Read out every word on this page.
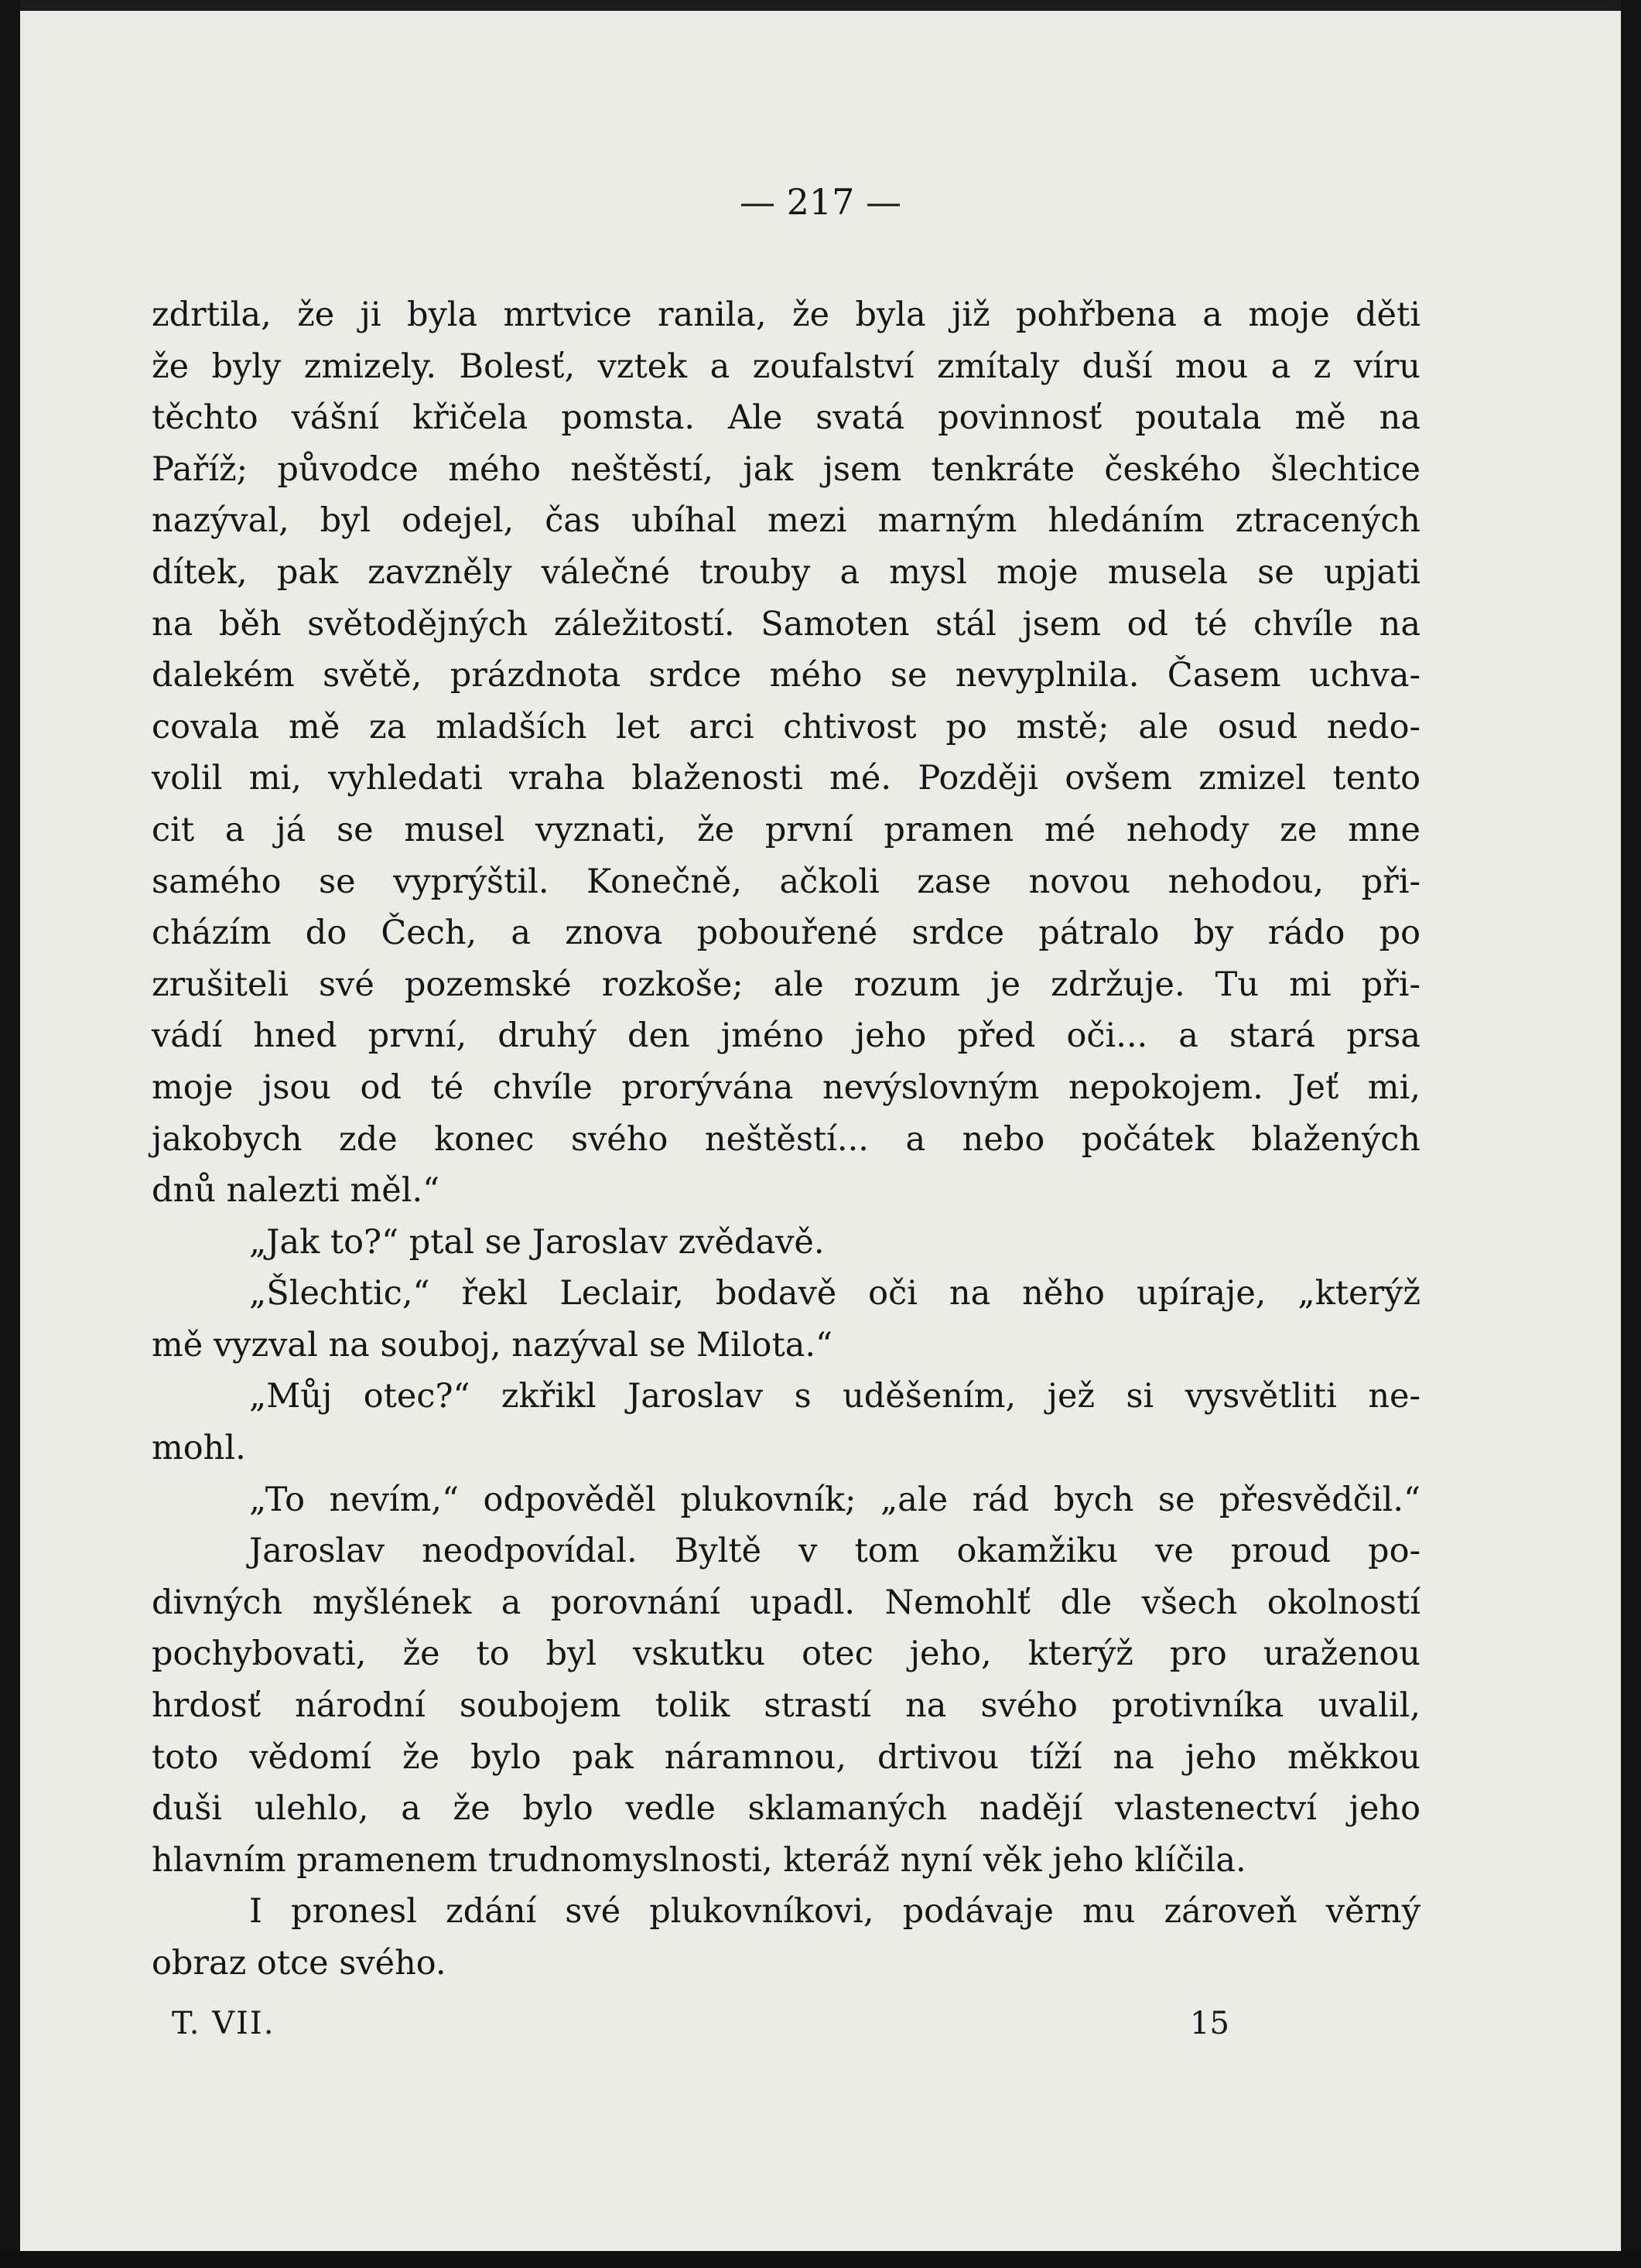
— 217 —
zdrtila, že ji byla mrtvice ranila, že byla již pohřbena a moje děti
že byly zmizely. Bolesť, vztek a zoufalství zmítaly duší mou a z víru
těchto vášní křičela pomsta. Ale svatá povinnosť poutala mě na
Paříž; původce mého neštěstí, jak jsem tenkráte českého šlechtice
nazýval, byl odejel, čas ubíhal mezi marným hledáním ztracených
dítek, pak zavzněly válečné trouby a mysl moje musela se upjati
na běh světodějných záležitostí. Samoten stál jsem od té chvíle na
dalekém světě, prázdnota srdce mého se nevyplnila. Časem uchva-
covala mě za mladších let arci chtivost po mstě; ale osud nedo-
volil mi, vyhledati vraha blaženosti mé. Později ovšem zmizel tento
cit a já se musel vyznati, že první pramen mé nehody ze mne
samého se vyprýštil. Konečně, ačkoli zase novou nehodou, při-
cházím do Čech, a znova pobouřené srdce pátralo by rádo po
zrušiteli své pozemské rozkoše; ale rozum je zdržuje. Tu mi při-
vádí hned první, druhý den jméno jeho před oči... a stará prsa
moje jsou od té chvíle prorývána nevýslovným nepokojem. Jeť mi,
jakobych zde konec svého neštěstí... a nebo počátek blažených
dnů nalezti měl.“
„Jak to?“ ptal se Jaroslav zvědavě.
„Šlechtic,“ řekl Leclair, bodavě oči na něho upíraje, „kterýž
mě vyzval na souboj, nazýval se Milota.“
„Můj otec?“ zkřikl Jaroslav s uděšením, jež si vysvětliti ne-
mohl.
„To nevím,“ odpověděl plukovník; „ale rád bych se přesvědčil.“
Jaroslav neodpovídal. Byltě v tom okamžiku ve proud po-
divných myšlének a porovnání upadl. Nemohlť dle všech okolností
pochybovati, že to byl vskutku otec jeho, kterýž pro uraženou
hrdosť národní soubojem tolik strastí na svého protivníka uvalil,
toto vědomí že bylo pak náramnou, drtivou tíží na jeho měkkou
duši ulehlo, a že bylo vedle sklamaných nadějí vlastenectví jeho
hlavním pramenem trudnomyslnosti, kteráž nyní věk jeho klíčila.
I pronesl zdání své plukovníkovi, podávaje mu zároveň věrný
obraz otce svého.
T. VII.	15
